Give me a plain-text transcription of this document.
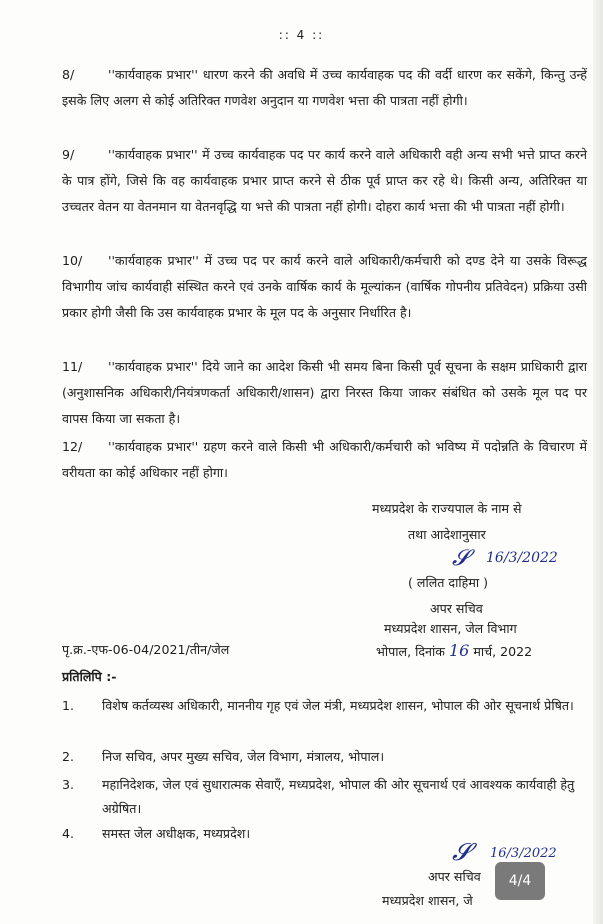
:: 4 ::
8/	''कार्यवाहक प्रभार'' धारण करने की अवधि में उच्च कार्यवाहक पद की वर्दी धारण कर सकेंगे, किन्तु उन्हें इसके लिए अलग से कोई अतिरिक्त गणवेश अनुदान या गणवेश भत्ता की पात्रता नहीं होगी।
9/	''कार्यवाहक प्रभार'' में उच्च कार्यवाहक पद पर कार्य करने वाले अधिकारी वही अन्य सभी भत्ते प्राप्त करने के पात्र होंगे, जिसे कि वह कार्यवाहक प्रभार प्राप्त करने से ठीक पूर्व प्राप्त कर रहे थे। किसी अन्य, अतिरिक्त या उच्चतर वेतन या वेतनमान या वेतनवृद्धि या भत्ते की पात्रता नहीं होगी। दोहरा कार्य भत्ता की भी पात्रता नहीं होगी।
10/ ''कार्यवाहक प्रभार'' में उच्च पद पर कार्य करने वाले अधिकारी/कर्मचारी को दण्ड देने या उसके विरूद्ध विभागीय जांच कार्यवाही संस्थित करने एवं उनके वार्षिक कार्य के मूल्यांकन (वार्षिक गोपनीय प्रतिवेदन) प्रक्रिया उसी प्रकार होगी जैसी कि उस कार्यवाहक प्रभार के मूल पद के अनुसार निर्धारित है।
11/ ''कार्यवाहक प्रभार'' दिये जाने का आदेश किसी भी समय बिना किसी पूर्व सूचना के सक्षम प्राधिकारी द्वारा (अनुशासनिक अधिकारी/नियंत्रणकर्ता अधिकारी/शासन) द्वारा निरस्त किया जाकर संबंधित को उसके मूल पद पर वापस किया जा सकता है।
12/ ''कार्यवाहक प्रभार'' ग्रहण करने वाले किसी भी अधिकारी/कर्मचारी को भविष्य में पदोन्नति के विचारण में वरीयता का कोई अधिकार नहीं होगा।
मध्यप्रदेश के राज्यपाल के नाम से
तथा आदेशानुसार
𝓢 16/3/2022
( ललित दाहिमा )
अपर सचिव
मध्यप्रदेश शासन, जेल विभाग
पृ.क्र.-एफ-06-04/2021/तीन/जेल	भोपाल, दिनांक 16 मार्च, 2022
प्रतिलिपि :-
1. विशेष कर्तव्यस्थ अधिकारी, माननीय गृह एवं जेल मंत्री, मध्यप्रदेश शासन, भोपाल की ओर सूचनार्थ प्रेषित।
2. निज सचिव, अपर मुख्य सचिव, जेल विभाग, मंत्रालय, भोपाल।
3. महानिदेशक, जेल एवं सुधारात्मक सेवाएँ, मध्यप्रदेश, भोपाल की ओर सूचनार्थ एवं आवश्यक कार्यवाही हेतु अग्रेषित।
4. समस्त जेल अधीक्षक, मध्यप्रदेश।
𝓢 16/3/2022
अपर सचिव
मध्यप्रदेश शासन, जे
4/4
